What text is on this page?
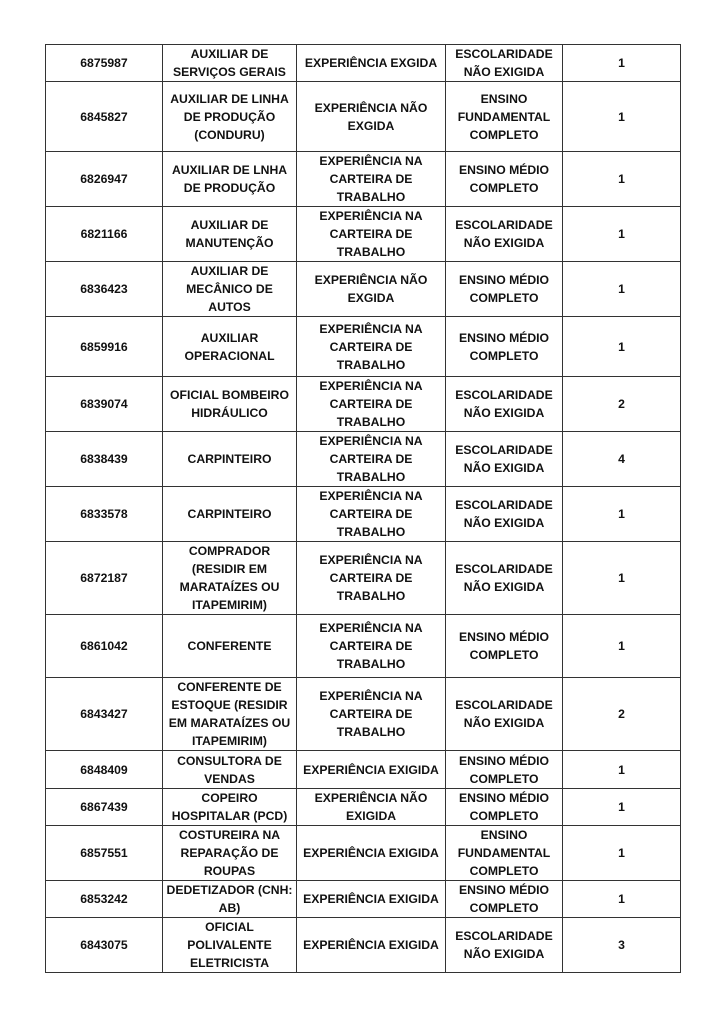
6875987	AUXILIAR DE
SERVIÇOS GERAIS	EXPERIÊNCIA EXGIDA	ESCOLARIDADE
NÃO EXIGIDA	1
6845827	AUXILIAR DE LINHA
DE PRODUÇÃO
(CONDURU)	EXPERIÊNCIA NÃO
EXGIDA	ENSINO
FUNDAMENTAL
COMPLETO	1
6826947	AUXILIAR DE LNHA
DE PRODUÇÃO	EXPERIÊNCIA NA
CARTEIRA DE
TRABALHO	ENSINO MÉDIO
COMPLETO	1
6821166	AUXILIAR DE
MANUTENÇÃO	EXPERIÊNCIA NA
CARTEIRA DE
TRABALHO	ESCOLARIDADE
NÃO EXIGIDA	1
6836423	AUXILIAR DE
MECÂNICO DE AUTOS	EXPERIÊNCIA NÃO
EXGIDA	ENSINO MÉDIO
COMPLETO	1
6859916	AUXILIAR
OPERACIONAL	EXPERIÊNCIA NA
CARTEIRA DE
TRABALHO	ENSINO MÉDIO
COMPLETO	1
6839074	OFICIAL BOMBEIRO
HIDRÁULICO	EXPERIÊNCIA NA
CARTEIRA DE
TRABALHO	ESCOLARIDADE
NÃO EXIGIDA	2
6838439	CARPINTEIRO	EXPERIÊNCIA NA
CARTEIRA DE
TRABALHO	ESCOLARIDADE
NÃO EXIGIDA	4
6833578	CARPINTEIRO	EXPERIÊNCIA NA
CARTEIRA DE
TRABALHO	ESCOLARIDADE
NÃO EXIGIDA	1
6872187	COMPRADOR
(RESIDIR EM
MARATAÍZES OU
ITAPEMIRIM)	EXPERIÊNCIA NA
CARTEIRA DE
TRABALHO	ESCOLARIDADE
NÃO EXIGIDA	1
6861042	CONFERENTE	EXPERIÊNCIA NA
CARTEIRA DE
TRABALHO	ENSINO MÉDIO
COMPLETO	1
6843427	CONFERENTE DE
ESTOQUE (RESIDIR
EM MARATAÍZES OU
ITAPEMIRIM)	EXPERIÊNCIA NA
CARTEIRA DE
TRABALHO	ESCOLARIDADE
NÃO EXIGIDA	2
6848409	CONSULTORA DE
VENDAS	EXPERIÊNCIA EXIGIDA	ENSINO MÉDIO
COMPLETO	1
6867439	COPEIRO
HOSPITALAR (PCD)	EXPERIÊNCIA NÃO
EXIGIDA	ENSINO MÉDIO
COMPLETO	1
6857551	COSTUREIRA NA
REPARAÇÃO DE
ROUPAS	EXPERIÊNCIA EXIGIDA	ENSINO
FUNDAMENTAL
COMPLETO	1
6853242	DEDETIZADOR (CNH:
AB)	EXPERIÊNCIA EXIGIDA	ENSINO MÉDIO
COMPLETO	1
6843075	OFICIAL POLIVALENTE
ELETRICISTA	EXPERIÊNCIA EXIGIDA	ESCOLARIDADE
NÃO EXIGIDA	3
